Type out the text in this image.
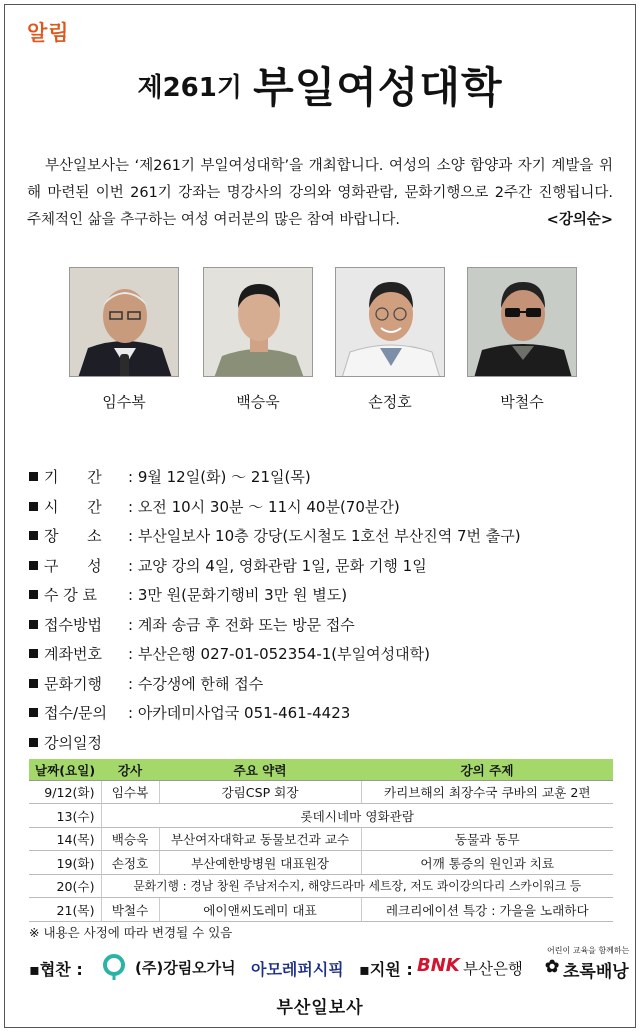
알림
제261기 부일여성대학
부산일보사는 ‘제261기 부일여성대학’을 개최합니다. 여성의 소양 함양과 자기 계발을 위해 마련된 이번 261기 강좌는 명강사의 강의와 영화관람, 문화기행으로 2주간 진행됩니다. 주체적인 삶을 추구하는 여성 여러분의 많은 참여 바랍니다.	<강의순>
임수복	백승욱	손정호	박철수
기      간 : 9월 12일(화) ～ 21일(목)
시      간 : 오전 10시 30분 ～ 11시 40분(70분간)
장      소 : 부산일보사 10층 강당(도시철도 1호선 부산진역 7번 출구)
구      성 : 교양 강의 4일, 영화관람 1일, 문화 기행 1일
수 강 료 : 3만 원(문화기행비 3만 원 별도)
접수방법 : 계좌 송금 후 전화 또는 방문 접수
계좌번호 : 부산은행 027-01-052354-1(부일여성대학)
문화기행 : 수강생에 한해 접수
접수/문의 : 아카데미사업국 051-461-4423
강의일정
날짜(요일)	강사	주요 약력	강의 주제
9/12(화)	임수복	강림CSP 회장	카리브해의 최장수국 쿠바의 교훈 2편
13(수)	롯데시네마 영화관람		
14(목)	백승욱	부산여자대학교 동물보건과 교수	동물과 동무
19(화)	손정호	부산예한방병원 대표원장	어깨 통증의 원인과 치료
20(수)	문화기행 : 경남 창원 주남저수지, 해양드라마 세트장, 저도 콰이강의다리 스카이워크 등		
21(목)	박철수	에이앤씨도레미 대표	레크리에이션 특강 : 가을을 노래하다
※ 내용은 사정에 따라 변경될 수 있음
▪협찬 :	(주)강림오가닉 아모레퍼시픽 ▪지원 : BNK 부산은행
어린이 교육을 함께하는
✿ 초록배낭
부산일보사
